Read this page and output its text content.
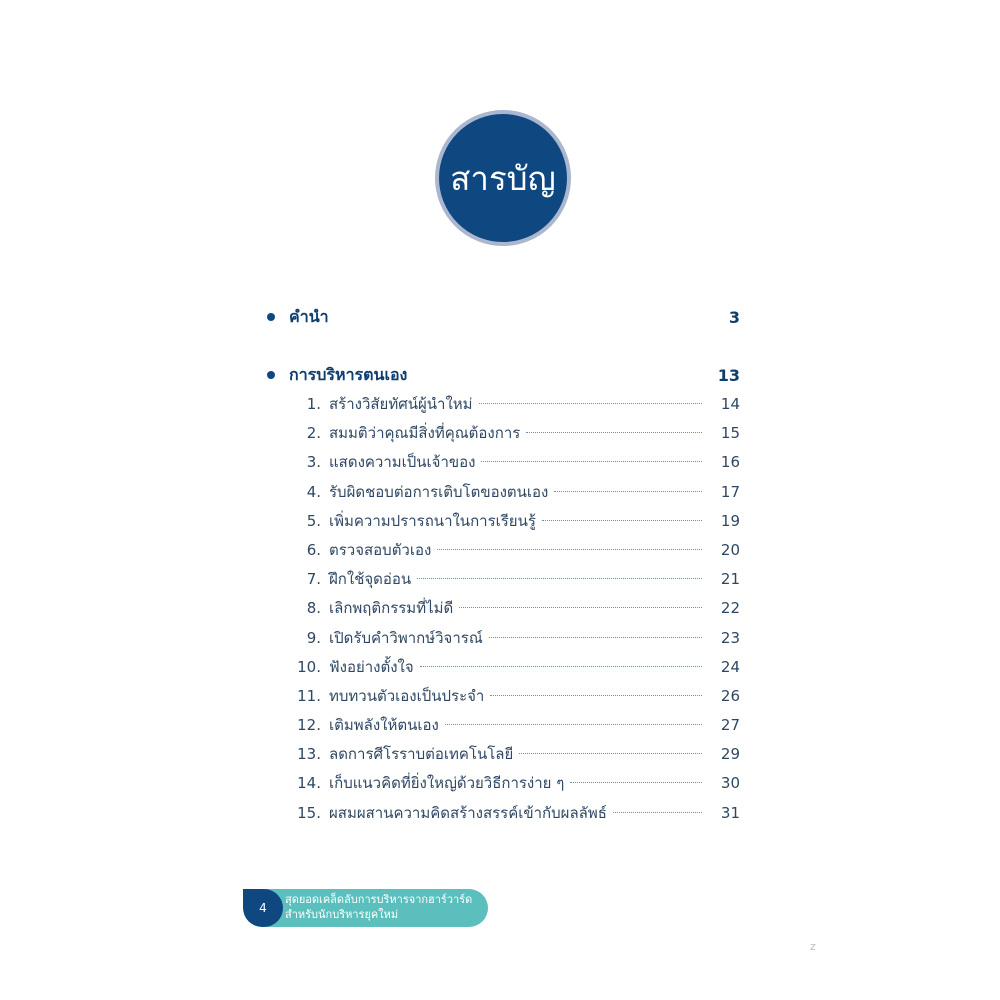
สารบัญ
คำนำ	3
การบริหารตนเอง	13
1. สร้างวิสัยทัศน์ผู้นำใหม่	14
2. สมมติว่าคุณมีสิ่งที่คุณต้องการ	15
3. แสดงความเป็นเจ้าของ	16
4. รับผิดชอบต่อการเติบโตของตนเอง	17
5. เพิ่มความปรารถนาในการเรียนรู้	19
6. ตรวจสอบตัวเอง	20
7. ฝึกใช้จุดอ่อน	21
8. เลิกพฤติกรรมที่ไม่ดี	22
9. เปิดรับคำวิพากษ์วิจารณ์	23
10. ฟังอย่างตั้งใจ	24
11. ทบทวนตัวเองเป็นประจำ	26
12. เติมพลังให้ตนเอง	27
13. ลดการศีโรราบต่อเทคโนโลยี	29
14. เก็บแนวคิดที่ยิ่งใหญ่ด้วยวิธีการง่าย ๆ	30
15. ผสมผสานความคิดสร้างสรรค์เข้ากับผลลัพธ์	31
4
สุดยอดเคล็ดลับการบริหารจากฮาร์วาร์ด
สำหรับนักบริหารยุคใหม่
z
